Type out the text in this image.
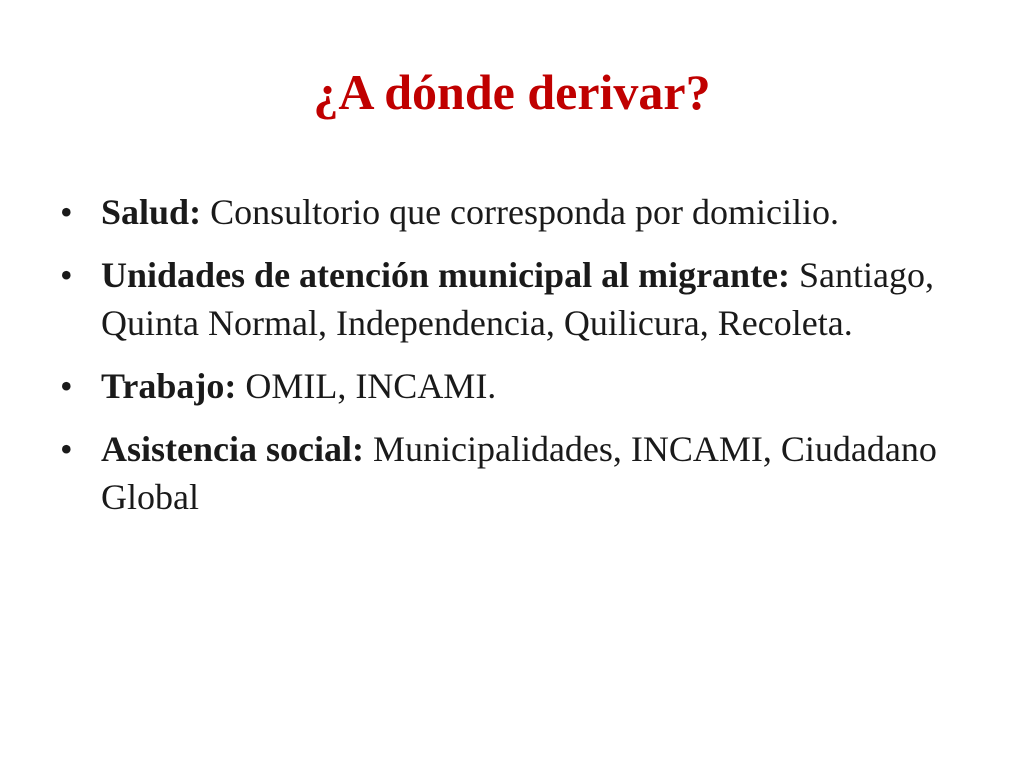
¿A dónde derivar?
• Salud: Consultorio que corresponda por domicilio.
• Unidades de atención municipal al migrante: Santiago, Quinta Normal, Independencia, Quilicura, Recoleta.
• Trabajo: OMIL, INCAMI.
• Asistencia social: Municipalidades, INCAMI, Ciudadano Global
